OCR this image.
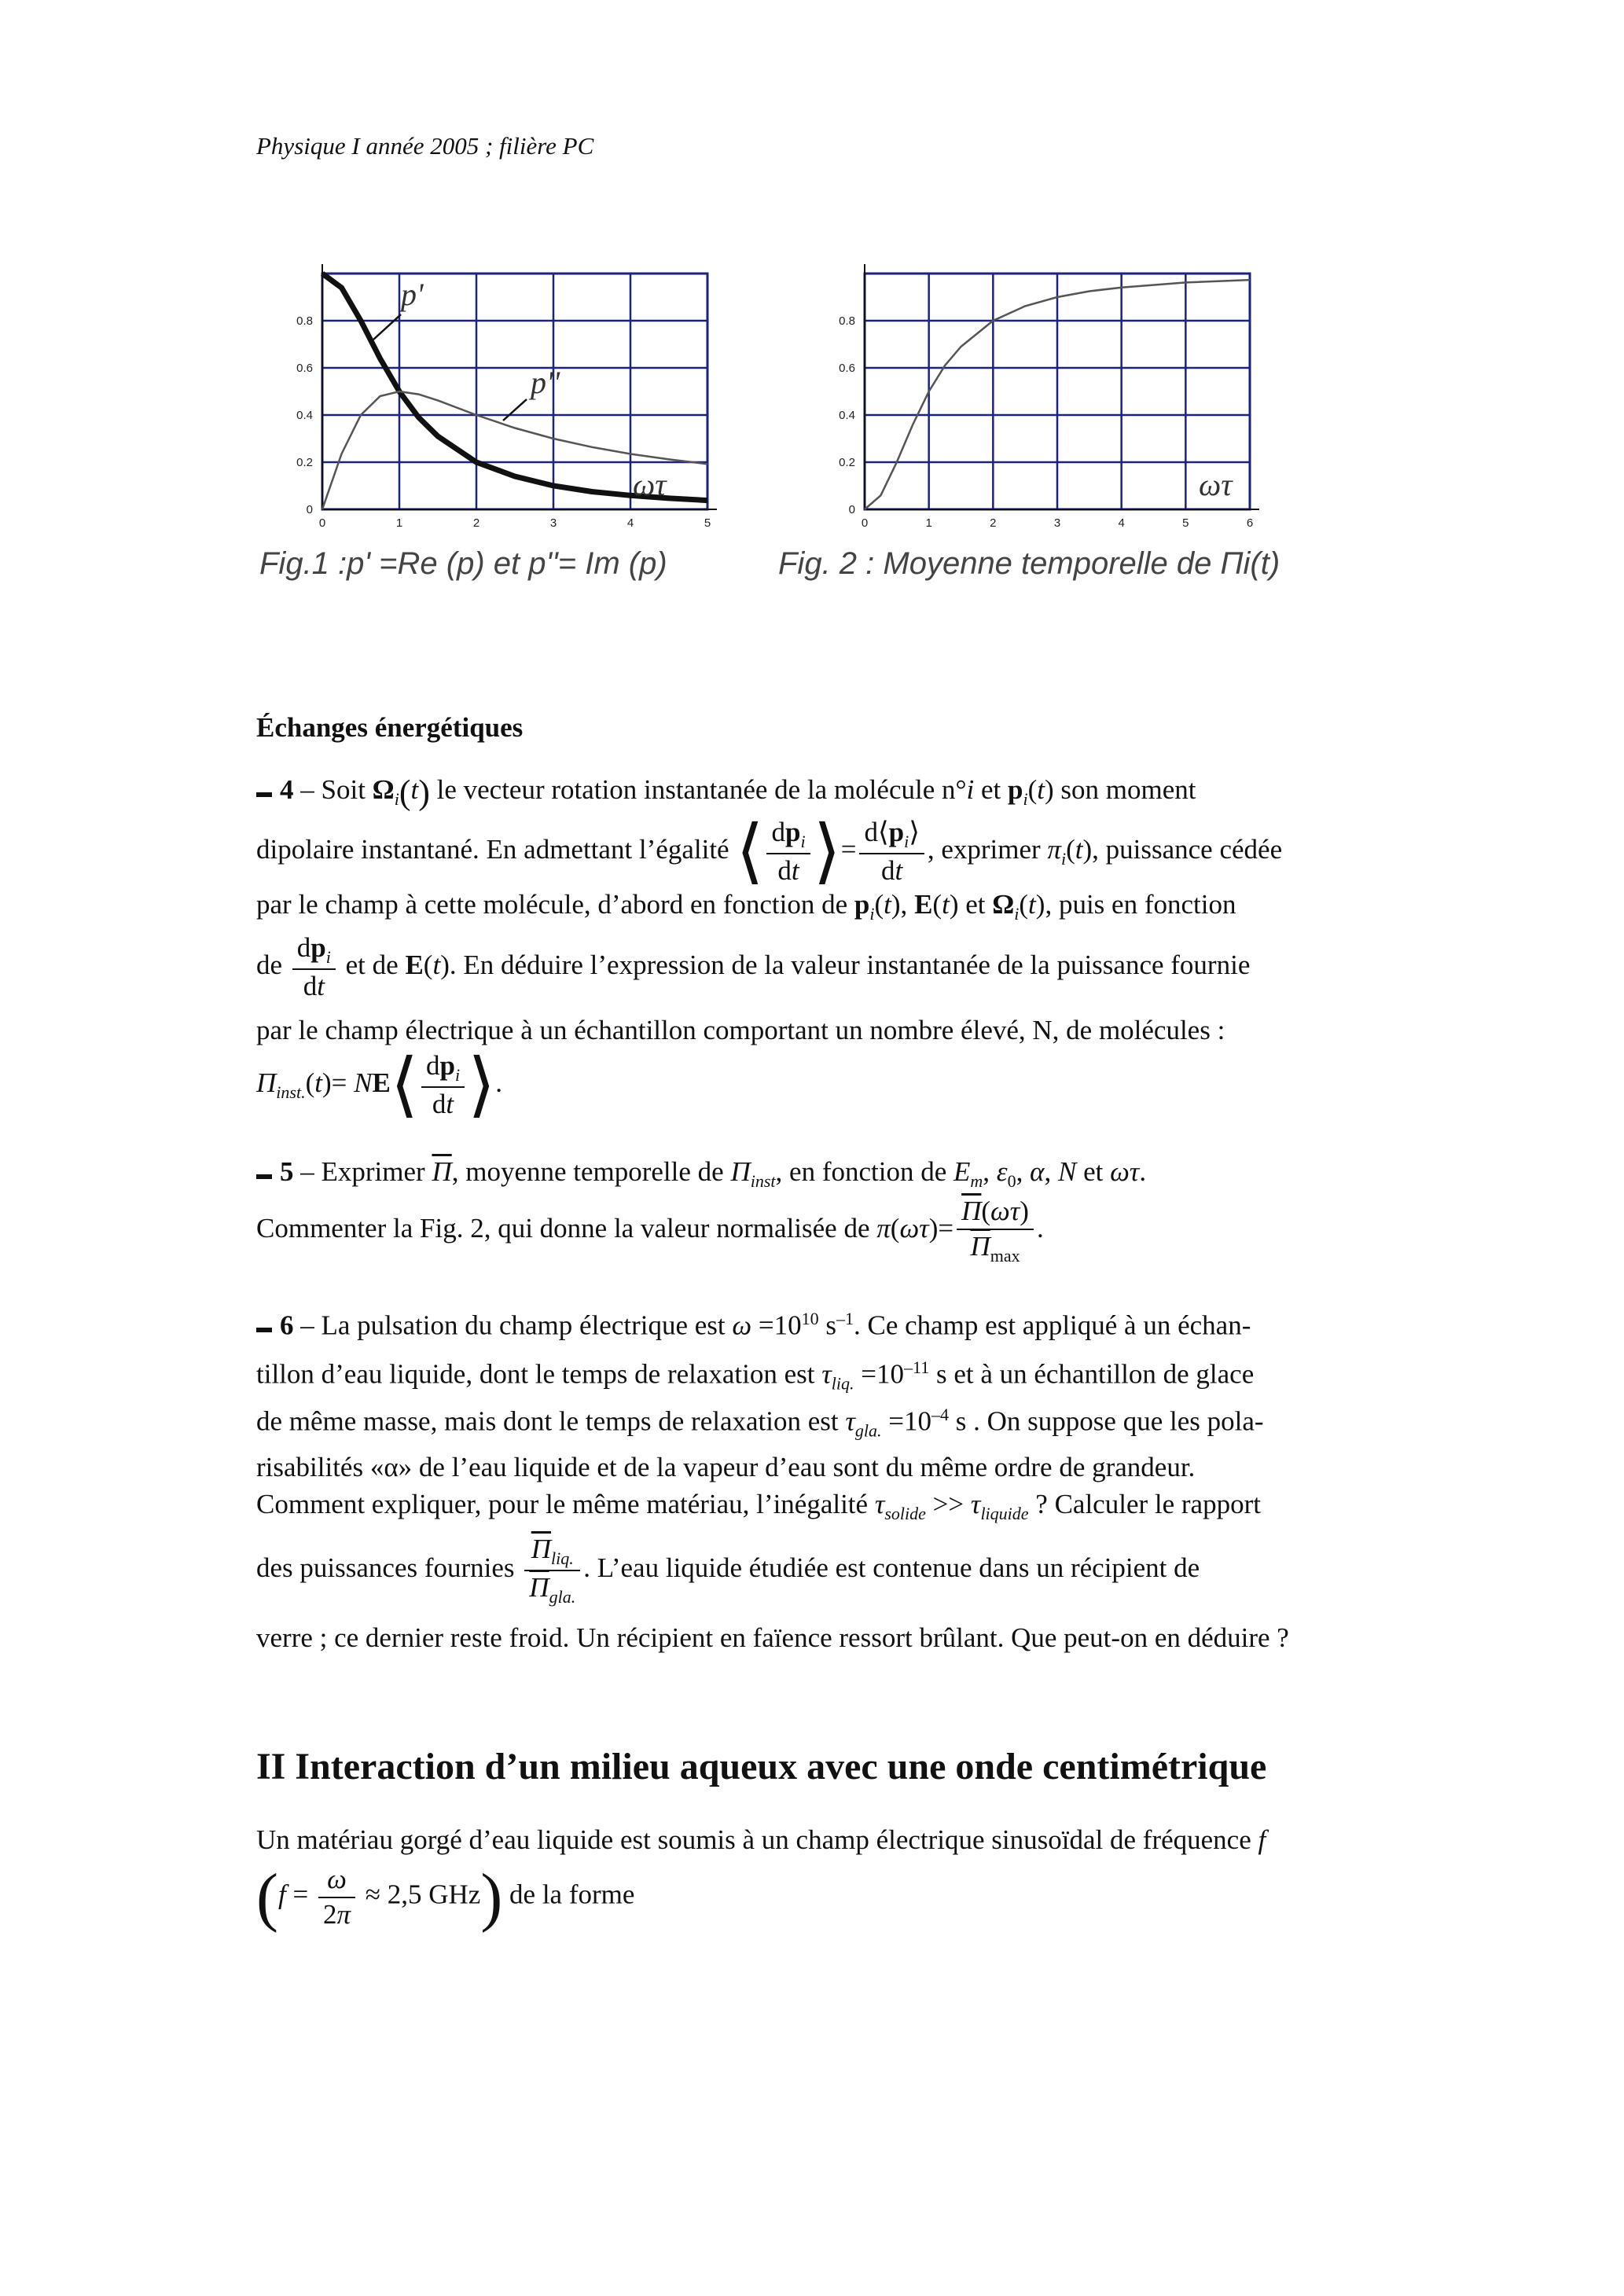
Physique I année 2005 ; filière PC
0	1	2	3	4	5
0
0.2
0.4
0.6
0.8
p'
p''
ωτ
Fig.1 :p' =Re (p) et p''= Im (p)
0	1	2	3	4	5	6
0
0.2
0.4
0.6
0.8
ωτ
Fig. 2 : Moyenne temporelle de Πi(t)
Échanges énergétiques
▬ 4 – Soit $\Omega_i(t)$ le vecteur rotation instantanée de la molécule n°i et $p_i(t)$ son moment
dipolaire instantané. En admettant l’égalité ⟨ $\frac{dp_i}{dt}$ ⟩= $\frac{d⟨p_i⟩}{dt}$ , exprimer $\pi_i(t)$, puissance cédée
par le champ à cette molécule, d’abord en fonction de $p_i(t)$, E(t) et $\Omega_i(t)$, puis en fonction
de $\frac{dp_i}{dt}$ et de E(t). En déduire l’expression de la valeur instantanée de la puissance fournie
par le champ électrique à un échantillon comportant un nombre élevé, N, de molécules :
$\Pi_{inst.}(t)=$ NE⟨ $\frac{dp_i}{dt}$ ⟩.
▬ 5 – Exprimer $\overline{\Pi}$, moyenne temporelle de $\Pi_{inst}$, en fonction de $E_m$, $\varepsilon_0$, α, N et ωτ.
Commenter la Fig. 2, qui donne la valeur normalisée de $\pi(\omega\tau)= \frac{\overline{\Pi}(\omega\tau)}{\overline{\Pi}_{max}}$ .
▬ 6 – La pulsation du champ électrique est $\omega =10^{10}$ $s^{-1}$. Ce champ est appliqué à un échan-
tillon d’eau liquide, dont le temps de relaxation est $\tau_{liq.} =10^{-11}$ s et à un échantillon de glace
de même masse, mais dont le temps de relaxation est $\tau_{gla.} =10^{-4}$ s . On suppose que les pola-
risabilités «α» de l’eau liquide et de la vapeur d’eau sont du même ordre de grandeur.
Comment expliquer, pour le même matériau, l’inégalité $\tau_{solide} >> \tau_{liquide}$ ? Calculer le rapport
des puissances fournies $\frac{\overline{\Pi}_{liq.}}{\overline{\Pi}_{gla.}}$ . L’eau liquide étudiée est contenue dans un récipient de
verre ; ce dernier reste froid. Un récipient en faïence ressort brûlant. Que peut-on en déduire ?
II Interaction d’un milieu aqueux avec une onde centimétrique
Un matériau gorgé d’eau liquide est soumis à un champ électrique sinusoïdal de fréquence f
($f = \frac{\omega}{2\pi} \approx 2,5$ GHz) de la forme
